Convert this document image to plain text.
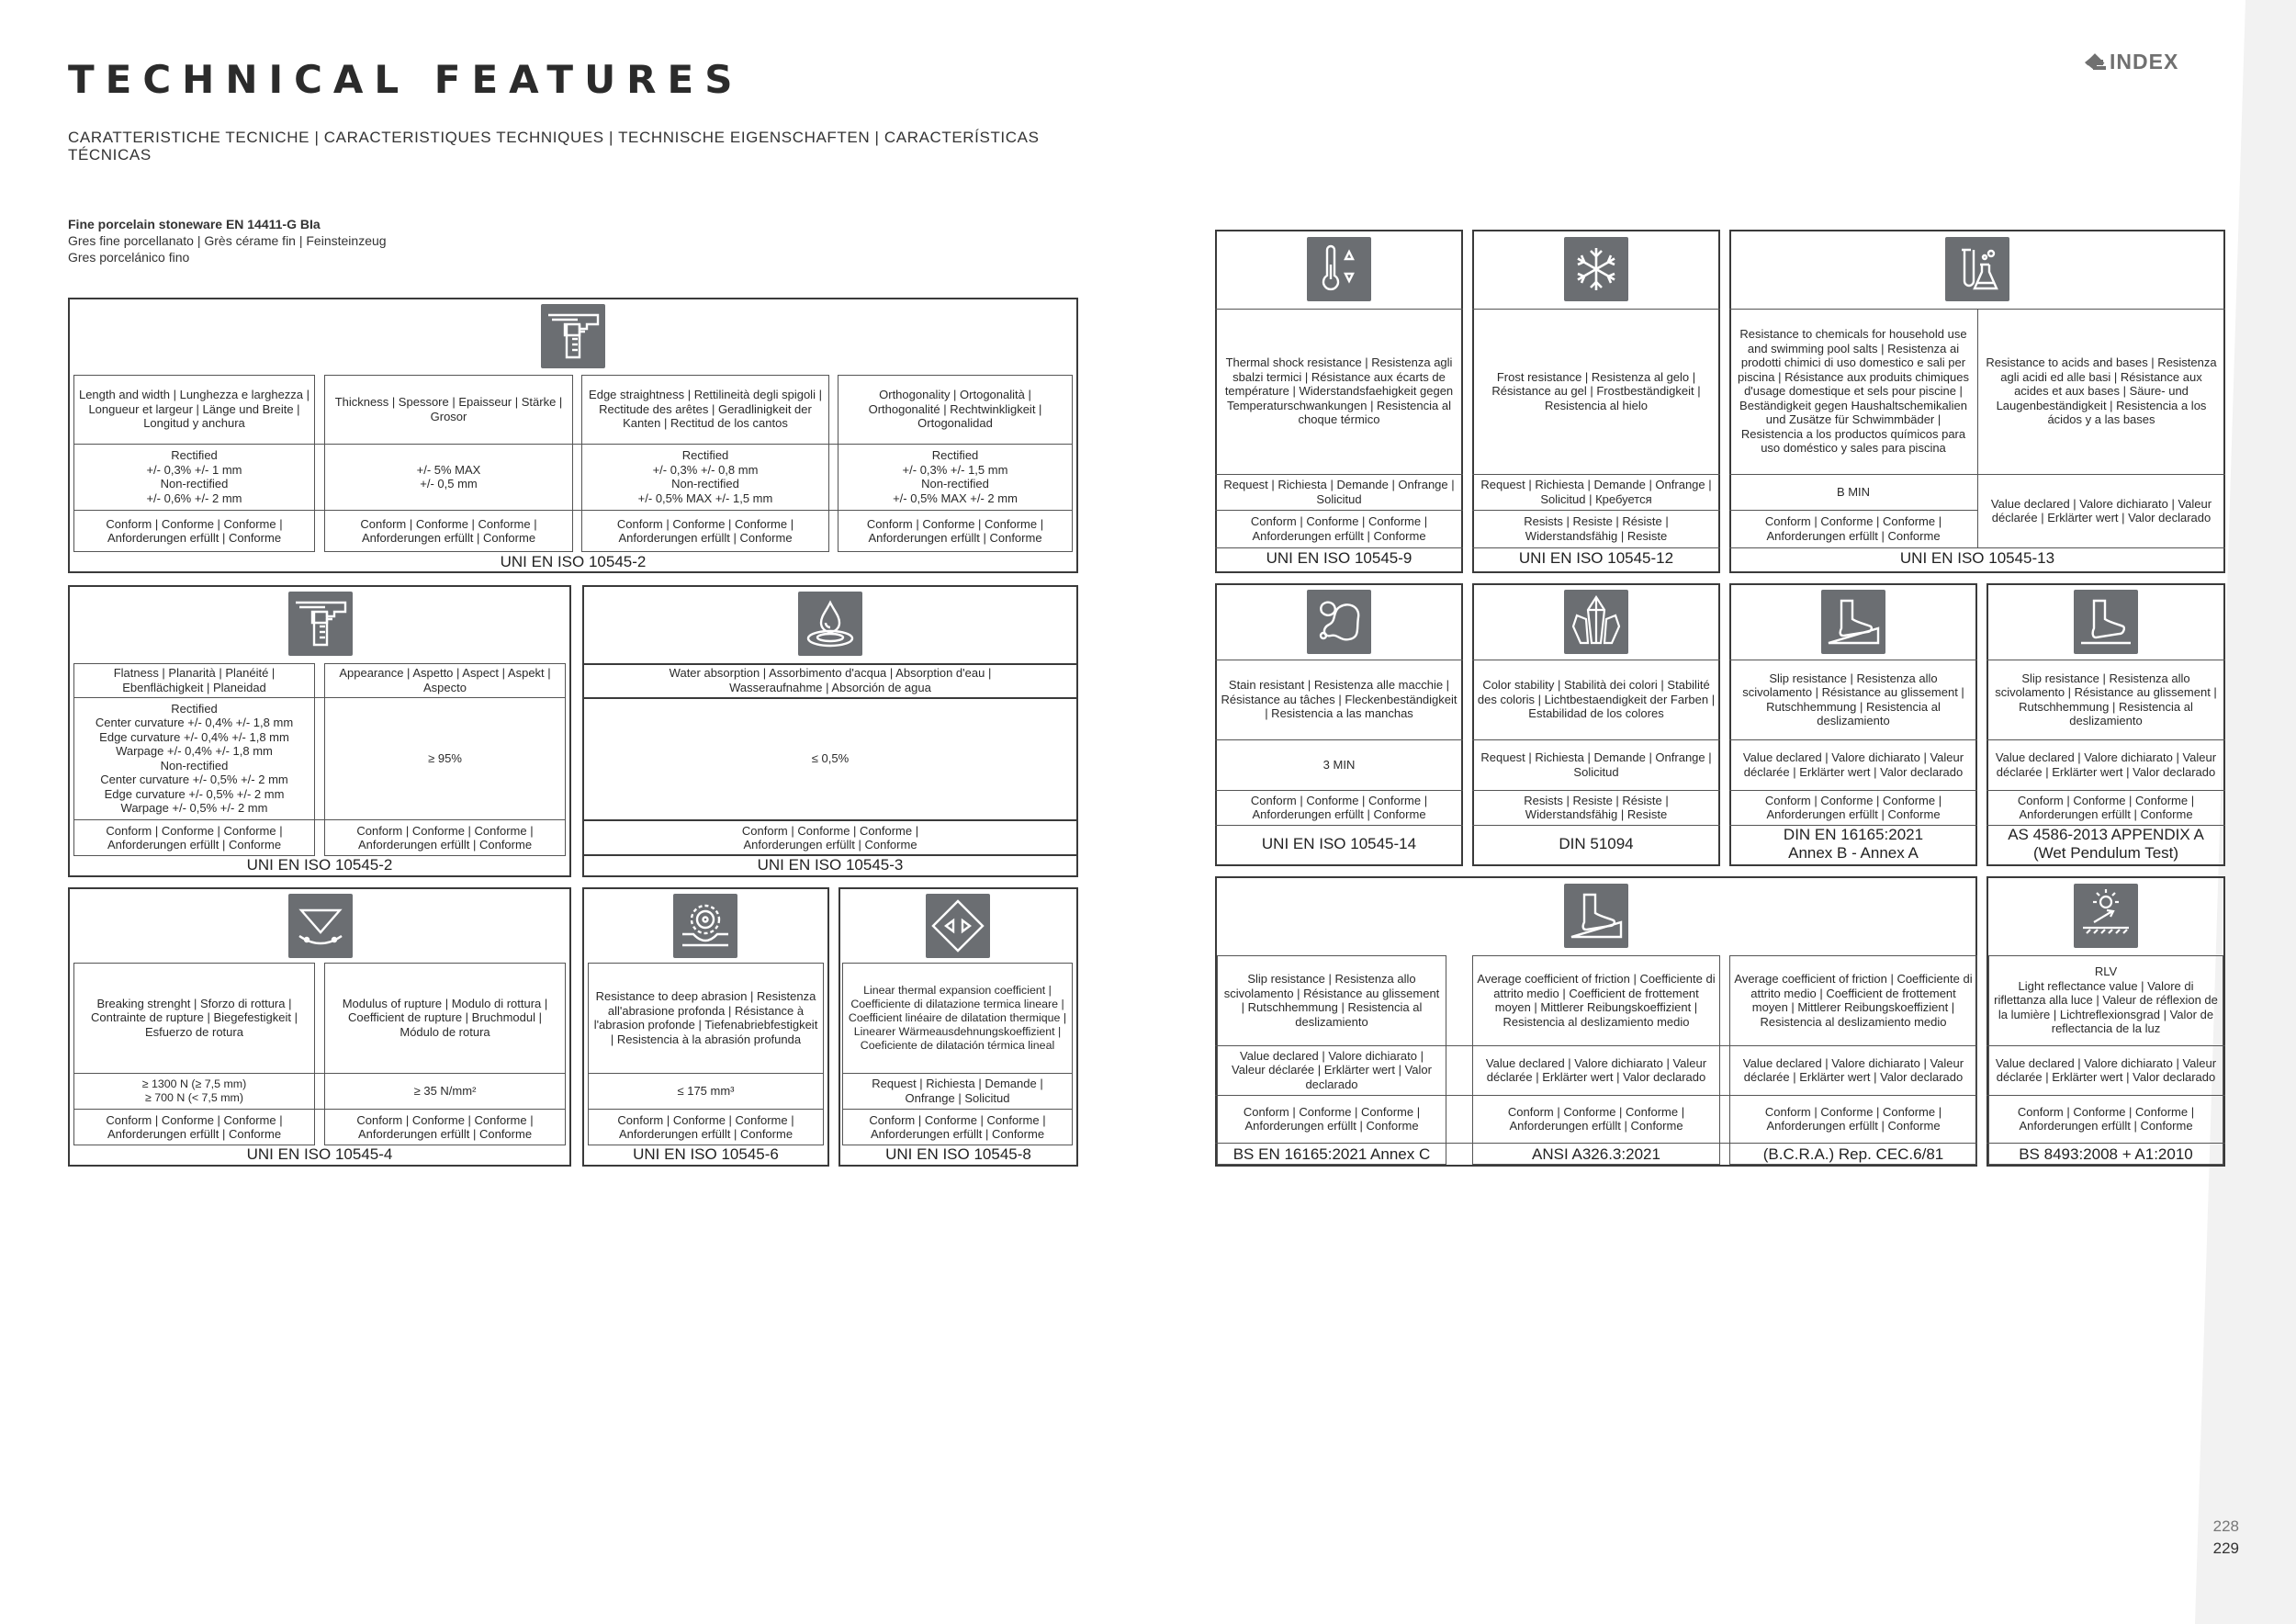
TECHNICAL FEATURES
CARATTERISTICHE TECNICHE | CARACTERISTIQUES TECHNIQUES | TECHNISCHE EIGENSCHAFTEN | CARACTERÍSTICAS TÉCNICAS
Fine porcelain stoneware EN 14411-G BIa
Gres fine porcellanato | Grès cérame fin | Feinsteinzeug
Gres porcelánico fino
INDEX
Length and width | Lunghezza e larghezza | Longueur et largeur | Länge und Breite | Longitud y anchura
Rectified
+/- 0,3% +/- 1 mm
Non-rectified
+/- 0,6% +/- 2 mm
Conform | Conforme | Conforme | Anforderungen erfüllt | Conforme
Thickness | Spessore | Epaisseur | Stärke | Grosor
+/- 5% MAX
+/- 0,5 mm
Conform | Conforme | Conforme | Anforderungen erfüllt | Conforme
Edge straightness | Rettilineità degli spigoli | Rectitude des arêtes | Geradlinigkeit der Kanten | Rectitud de los cantos
Rectified
+/- 0,3% +/- 0,8 mm
Non-rectified
+/- 0,5% MAX +/- 1,5 mm
Conform | Conforme | Conforme | Anforderungen erfüllt | Conforme
Orthogonality | Ortogonalità | Orthogonalité | Rechtwinkligkeit | Ortogonalidad
Rectified
+/- 0,3% +/- 1,5 mm
Non-rectified
+/- 0,5% MAX +/- 2 mm
Conform | Conforme | Conforme | Anforderungen erfüllt | Conforme
UNI EN ISO 10545-2
Flatness | Planarità | Planéité | Ebenflächigkeit | Planeidad
Rectified
Center curvature +/- 0,4% +/- 1,8 mm
Edge curvature +/- 0,4% +/- 1,8 mm
Warpage +/- 0,4% +/- 1,8 mm
Non-rectified
Center curvature +/- 0,5% +/- 2 mm
Edge curvature +/- 0,5% +/- 2 mm
Warpage +/- 0,5% +/- 2 mm
Conform | Conforme | Conforme | Anforderungen erfüllt | Conforme
Appearance | Aspetto | Aspect | Aspekt | Aspecto
≥ 95%
Conform | Conforme | Conforme | Anforderungen erfüllt | Conforme
UNI EN ISO 10545-2
Water absorption | Assorbimento d'acqua | Absorption d'eau | Wasseraufnahme | Absorción de agua
≤ 0,5%
Conform | Conforme | Conforme | Anforderungen erfüllt | Conforme
UNI EN ISO 10545-3
Breaking strenght | Sforzo di rottura | Contrainte de rupture | Biegefestigkeit | Esfuerzo de rotura
≥ 1300 N (≥ 7,5 mm)
≥ 700 N (< 7,5 mm)
Conform | Conforme | Conforme | Anforderungen erfüllt | Conforme
Modulus of rupture | Modulo di rottura | Coefficient de rupture | Bruchmodul | Módulo de rotura
≥ 35 N/mm²
Conform | Conforme | Conforme | Anforderungen erfüllt | Conforme
UNI EN ISO 10545-4
Resistance to deep abrasion | Resistenza all'abrasione profonda | Résistance à l'abrasion profonde | Tiefenabriebfestigkeit | Resistencia à la abrasión profunda
≤ 175 mm³
Conform | Conforme | Conforme | Anforderungen erfüllt | Conforme
UNI EN ISO 10545-6
Linear thermal expansion coefficient | Coefficiente di dilatazione termica lineare | Coefficient linéaire de dilatation thermique | Linearer Wärmeausdehnungskoeffizient | Coeficiente de dilatación térmica lineal
Request | Richiesta | Demande | Onfrange | Solicitud
Conform | Conforme | Conforme | Anforderungen erfüllt | Conforme
UNI EN ISO 10545-8
Thermal shock resistance | Resistenza agli sbalzi termici | Résistance aux écarts de température | Widerstandsfaehigkeit gegen Temperaturschwankungen | Resistencia al choque térmico
Request | Richiesta | Demande | Onfrange | Solicitud
Conform | Conforme | Conforme | Anforderungen erfüllt | Conforme
UNI EN ISO 10545-9
Frost resistance | Resistenza al gelo | Résistance au gel | Frostbeständigkeit | Resistencia al hielo
Request | Richiesta | Demande | Onfrange | Solicitud | Кребуется
Resists | Resiste | Résiste | Widerstandsfähig | Resiste
UNI EN ISO 10545-12
Resistance to chemicals for household use and swimming pool salts | Resistenza ai prodotti chimici di uso domestico e sali per piscina | Résistance aux produits chimiques d'usage domestique et sels pour piscine | Beständigkeit gegen Haushaltschemikalien und Zusätze für Schwimmbäder | Resistencia a los productos químicos para uso doméstico y sales para piscina
B MIN
Conform | Conforme | Conforme | Anforderungen erfüllt | Conforme
Resistance to acids and bases | Resistenza agli acidi ed alle basi | Résistance aux acides et aux bases | Säure- und Laugenbeständigkeit | Resistencia a los ácidos y a las bases
Value declared | Valore dichiarato | Valeur déclarée | Erklärter wert | Valor declarado
UNI EN ISO 10545-13
Stain resistant | Resistenza alle macchie | Résistance au tâches | Fleckenbeständigkeit | Resistencia a las manchas
3 MIN
Conform | Conforme | Conforme | Anforderungen erfüllt | Conforme
UNI EN ISO 10545-14
Color stability | Stabilità dei colori | Stabilité des coloris | Lichtbestaendigkeit der Farben | Estabilidad de los colores
Request | Richiesta | Demande | Onfrange | Solicitud
Resists | Resiste | Résiste | Widerstandsfähig | Resiste
DIN 51094
Slip resistance | Resistenza allo scivolamento | Résistance au glissement | Rutschhemmung | Resistencia al deslizamiento
Value declared | Valore dichiarato | Valeur déclarée | Erklärter wert | Valor declarado
Conform | Conforme | Conforme | Anforderungen erfüllt | Conforme
DIN EN 16165:2021
Annex B - Annex A
Slip resistance | Resistenza allo scivolamento | Résistance au glissement | Rutschhemmung | Resistencia al deslizamiento
Value declared | Valore dichiarato | Valeur déclarée | Erklärter wert | Valor declarado
Conform | Conforme | Conforme | Anforderungen erfüllt | Conforme
AS 4586-2013 APPENDIX A
(Wet Pendulum Test)
Slip resistance | Resistenza allo scivolamento | Résistance au glissement | Rutschhemmung | Resistencia al deslizamiento
Value declared | Valore dichiarato | Valeur déclarée | Erklärter wert | Valor declarado
Conform | Conforme | Conforme | Anforderungen erfüllt | Conforme
BS EN 16165:2021 Annex C
Average coefficient of friction | Coefficiente di attrito medio | Coefficient de frottement moyen | Mittlerer Reibungskoeffizient | Resistencia al deslizamiento medio
Value declared | Valore dichiarato | Valeur déclarée | Erklärter wert | Valor declarado
Conform | Conforme | Conforme | Anforderungen erfüllt | Conforme
ANSI A326.3:2021
Average coefficient of friction | Coefficiente di attrito medio | Coefficient de frottement moyen | Mittlerer Reibungskoeffizient | Resistencia al deslizamiento medio
Value declared | Valore dichiarato | Valeur déclarée | Erklärter wert | Valor declarado
Conform | Conforme | Conforme | Anforderungen erfüllt | Conforme
(B.C.R.A.) Rep. CEC.6/81
RLV
Light reflectance value | Valore di riflettanza alla luce | Valeur de réflexion de la lumière | Lichtreflexionsgrad | Valor de reflectancia de la luz
Value declared | Valore dichiarato | Valeur déclarée | Erklärter wert | Valor declarado
Conform | Conforme | Conforme | Anforderungen erfüllt | Conforme
BS 8493:2008 + A1:2010
228
229
